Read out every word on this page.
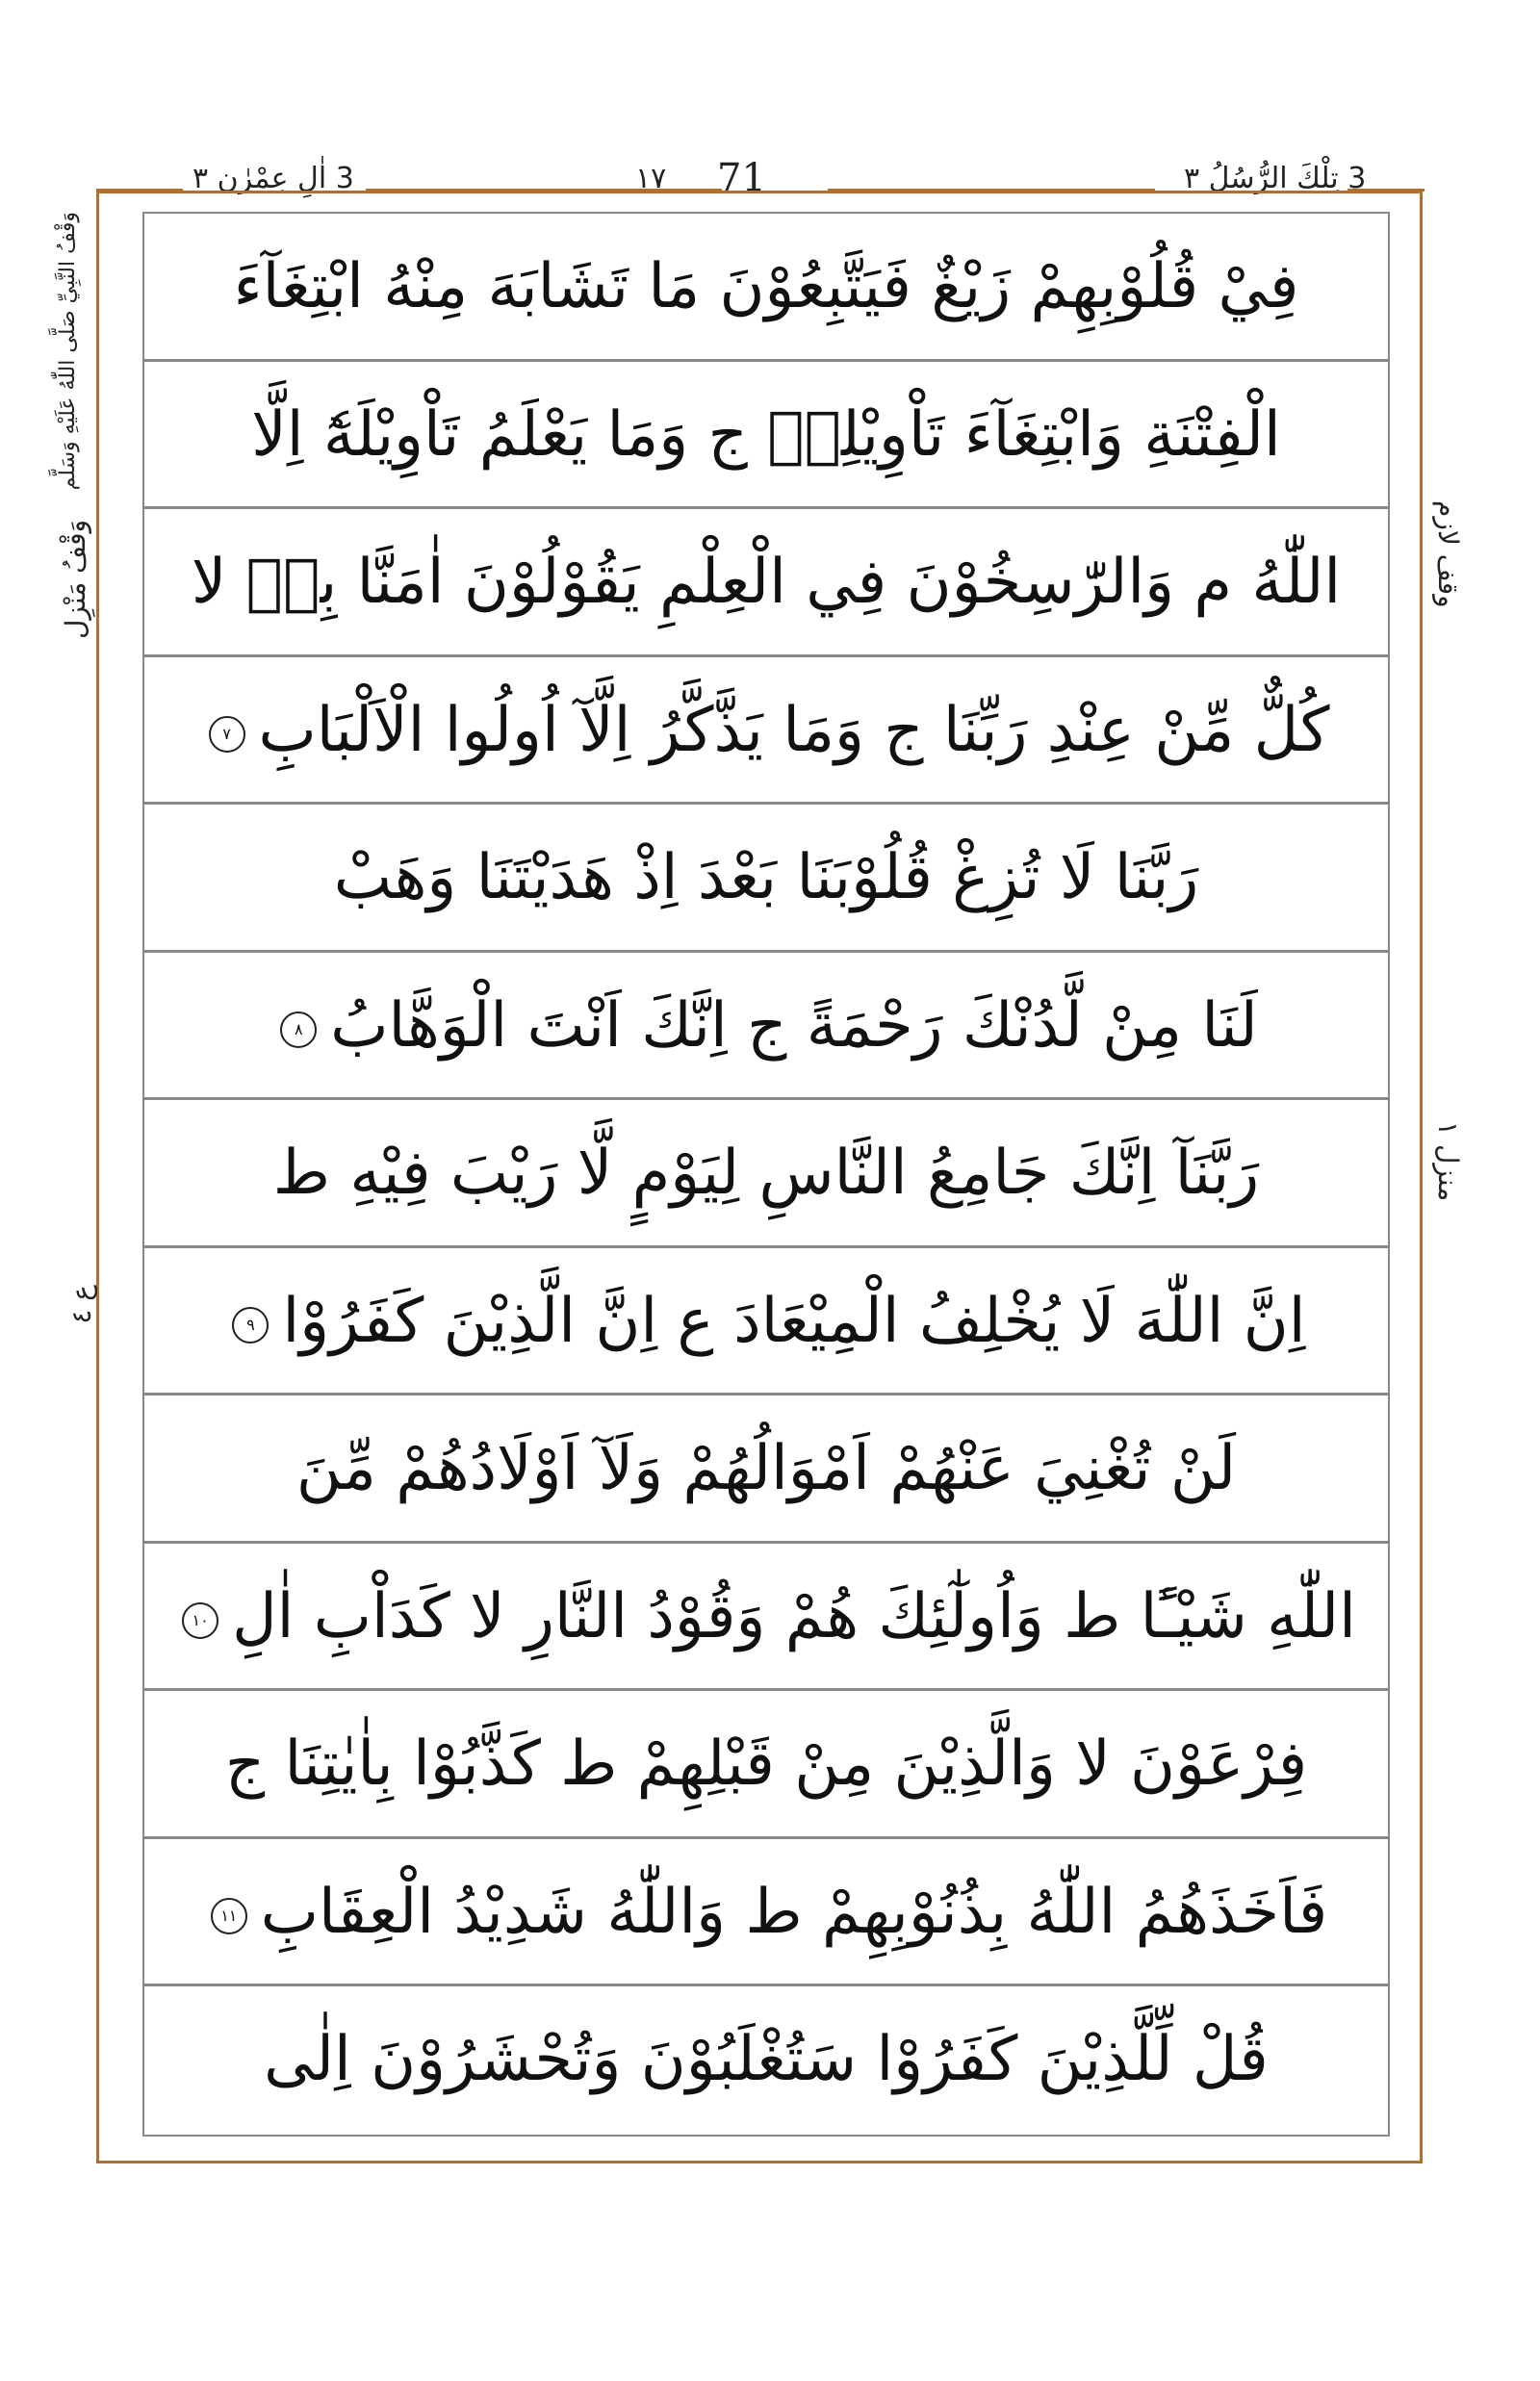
3 اٰلِ عِمْرٰن ٣	١٧ 71	3 تِلْكَ الرُّسُلُ ٣
وَقْفُ النَّبِيِّ صَلَّى اللّٰهُ عَلَيْهِ وَسَلَّم
وَقْفُ مَنْزِل
ع ٤
وقف لازم
منزل ١
فِيْ قُلُوْبِهِمْ زَيْغٌ فَيَتَّبِعُوْنَ مَا تَشَابَهَ مِنْهُ ابْتِغَآءَ
الْفِتْنَةِ وَابْتِغَآءَ تَاْوِيْلِهٖ ج وَمَا يَعْلَمُ تَاْوِيْلَهٗٓ اِلَّا
اللّٰهُ م وَالرّٰسِخُوْنَ فِي الْعِلْمِ يَقُوْلُوْنَ اٰمَنَّا بِهٖ لا
كُلٌّ مِّنْ عِنْدِ رَبِّنَا ج وَمَا يَذَّكَّرُ اِلَّآ اُولُوا الْاَلْبَابِ٧
رَبَّنَا لَا تُزِغْ قُلُوْبَنَا بَعْدَ اِذْ هَدَيْتَنَا وَهَبْ
لَنَا مِنْ لَّدُنْكَ رَحْمَةً ج اِنَّكَ اَنْتَ الْوَهَّابُ٨
رَبَّنَآ اِنَّكَ جَامِعُ النَّاسِ لِيَوْمٍ لَّا رَيْبَ فِيْهِ ط
اِنَّ اللّٰهَ لَا يُخْلِفُ الْمِيْعَادَ ع اِنَّ الَّذِيْنَ كَفَرُوْا٩
لَنْ تُغْنِيَ عَنْهُمْ اَمْوَالُهُمْ وَلَآ اَوْلَادُهُمْ مِّنَ
اللّٰهِ شَيْـًٔا ط وَاُولٰٓئِكَ هُمْ وَقُوْدُ النَّارِ لا كَدَاْبِ اٰلِ١٠
فِرْعَوْنَ لا وَالَّذِيْنَ مِنْ قَبْلِهِمْ ط كَذَّبُوْا بِاٰيٰتِنَا ج
فَاَخَذَهُمُ اللّٰهُ بِذُنُوْبِهِمْ ط وَاللّٰهُ شَدِيْدُ الْعِقَابِ١١
قُلْ لِّلَّذِيْنَ كَفَرُوْا سَتُغْلَبُوْنَ وَتُحْشَرُوْنَ اِلٰى
